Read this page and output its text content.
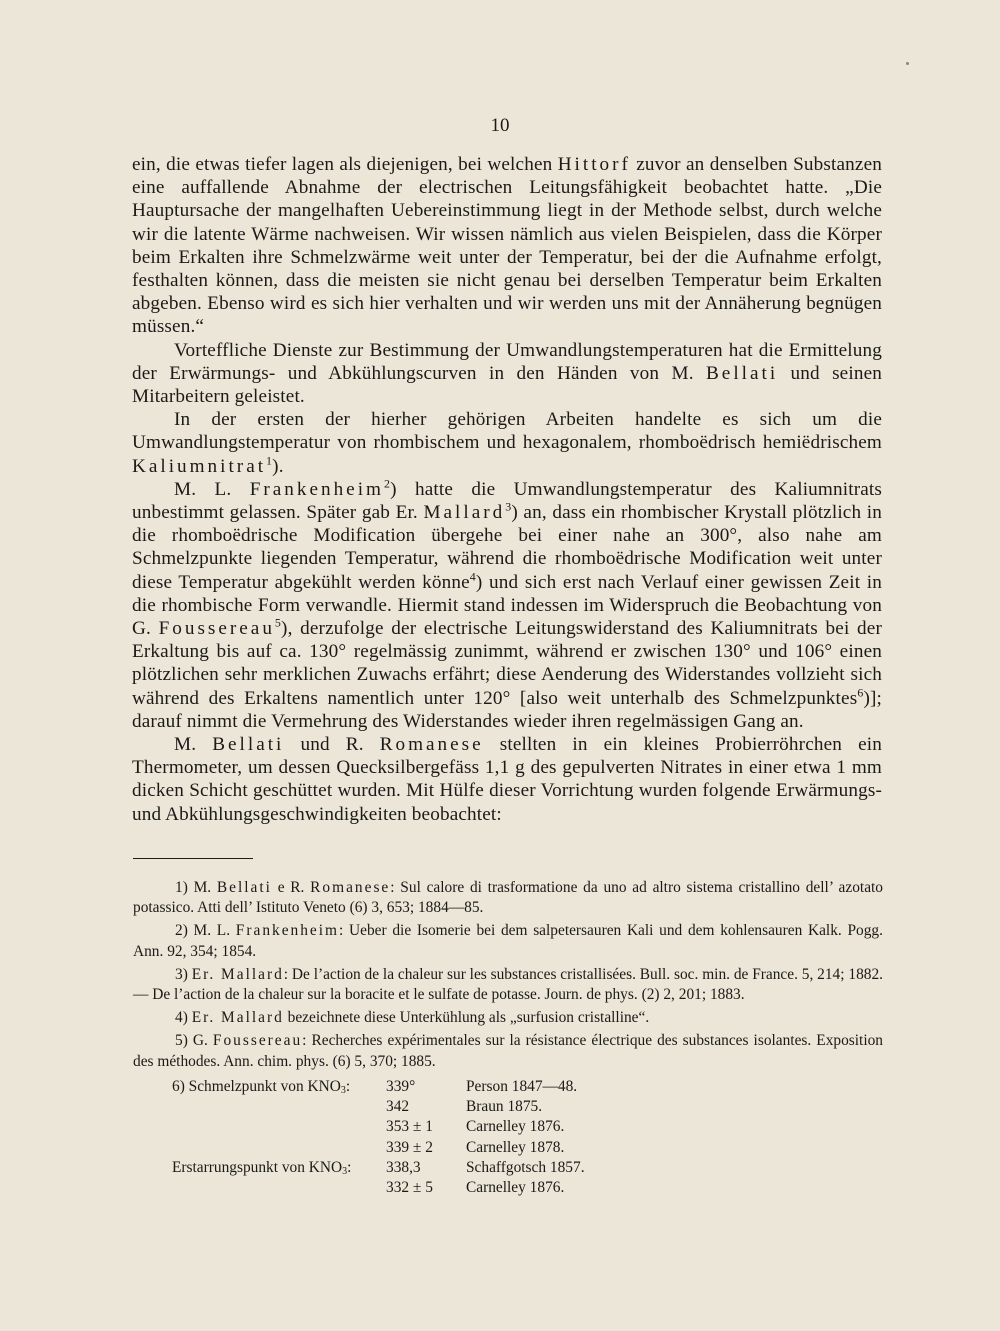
10

ein, die etwas tiefer lagen als diejenigen, bei welchen Hittorf zuvor an denselben Substanzen eine auffallende Abnahme der electrischen Leitungsfähigkeit beobachtet hatte. „Die Hauptursache der mangelhaften Uebereinstimmung liegt in der Methode selbst, durch welche wir die latente Wärme nachweisen. Wir wissen nämlich aus vielen Beispielen, dass die Körper beim Erkalten ihre Schmelzwärme weit unter der Temperatur, bei der die Aufnahme erfolgt, festhalten können, dass die meisten sie nicht genau bei derselben Temperatur beim Erkalten abgeben. Ebenso wird es sich hier verhalten und wir werden uns mit der Annäherung begnügen müssen.“

Vorteffliche Dienste zur Bestimmung der Umwandlungstemperaturen hat die Ermittelung der Erwärmungs- und Abkühlungscurven in den Händen von M. Bellati und seinen Mitarbeitern geleistet.

In der ersten der hierher gehörigen Arbeiten handelte es sich um die Umwandlungstemperatur von rhombischem und hexagonalem, rhomboëdrisch hemiëdrischem Kaliumnitrat$^1$).

M. L. Frankenheim$^2$) hatte die Umwandlungstemperatur des Kaliumnitrats unbestimmt gelassen. Später gab Er. Mallard$^3$) an, dass ein rhombischer Krystall plötzlich in die rhomboëdrische Modification übergehe bei einer nahe an 300°, also nahe am Schmelzpunkte liegenden Temperatur, während die rhomboëdrische Modification weit unter diese Temperatur abgekühlt werden könne$^4$) und sich erst nach Verlauf einer gewissen Zeit in die rhombische Form verwandle. Hiermit stand indessen im Widerspruch die Beobachtung von G. Foussereau$^5$), derzufolge der electrische Leitungswiderstand des Kaliumnitrats bei der Erkaltung bis auf ca. 130° regelmässig zunimmt, während er zwischen 130° und 106° einen plötzlichen sehr merklichen Zuwachs erfährt; diese Aenderung des Widerstandes vollzieht sich während des Erkaltens namentlich unter 120° [also weit unterhalb des Schmelzpunktes$^6$)]; darauf nimmt die Vermehrung des Widerstandes wieder ihren regelmässigen Gang an.

M. Bellati und R. Romanese stellten in ein kleines Probierröhrchen ein Thermometer, um dessen Quecksilbergefäss 1,1 g des gepulverten Nitrates in einer etwa 1 mm dicken Schicht geschüttet wurden. Mit Hülfe dieser Vorrichtung wurden folgende Erwärmungs- und Abkühlungsgeschwindigkeiten beobachtet:

1) M. Bellati e R. Romanese: Sul calore di trasformatione da uno ad altro sistema cristallino dell’ azotato potassico. Atti dell’ Istituto Veneto (6) 3, 653; 1884—85.

2) M. L. Frankenheim: Ueber die Isomerie bei dem salpetersauren Kali und dem kohlensauren Kalk. Pogg. Ann. 92, 354; 1854.

3) Er. Mallard: De l’action de la chaleur sur les substances cristallisées. Bull. soc. min. de France. 5, 214; 1882. — De l’action de la chaleur sur la boracite et le sulfate de potasse. Journ. de phys. (2) 2, 201; 1883.

4) Er. Mallard bezeichnete diese Unterkühlung als „surfusion cristalline“.

5) G. Foussereau: Recherches expérimentales sur la résistance électrique des substances isolantes. Exposition des méthodes. Ann. chim. phys. (6) 5, 370; 1885.

6) Schmelzpunkt von $KNO_3$: 339°	Person 1847—48.
342	Braun 1875.
353 ± 1 Carnelley 1876.
339 ± 2 Carnelley 1878.
Erstarrungspunkt von $KNO_3$: 338,3	Schaffgotsch 1857.
332 ± 5 Carnelley 1876.
